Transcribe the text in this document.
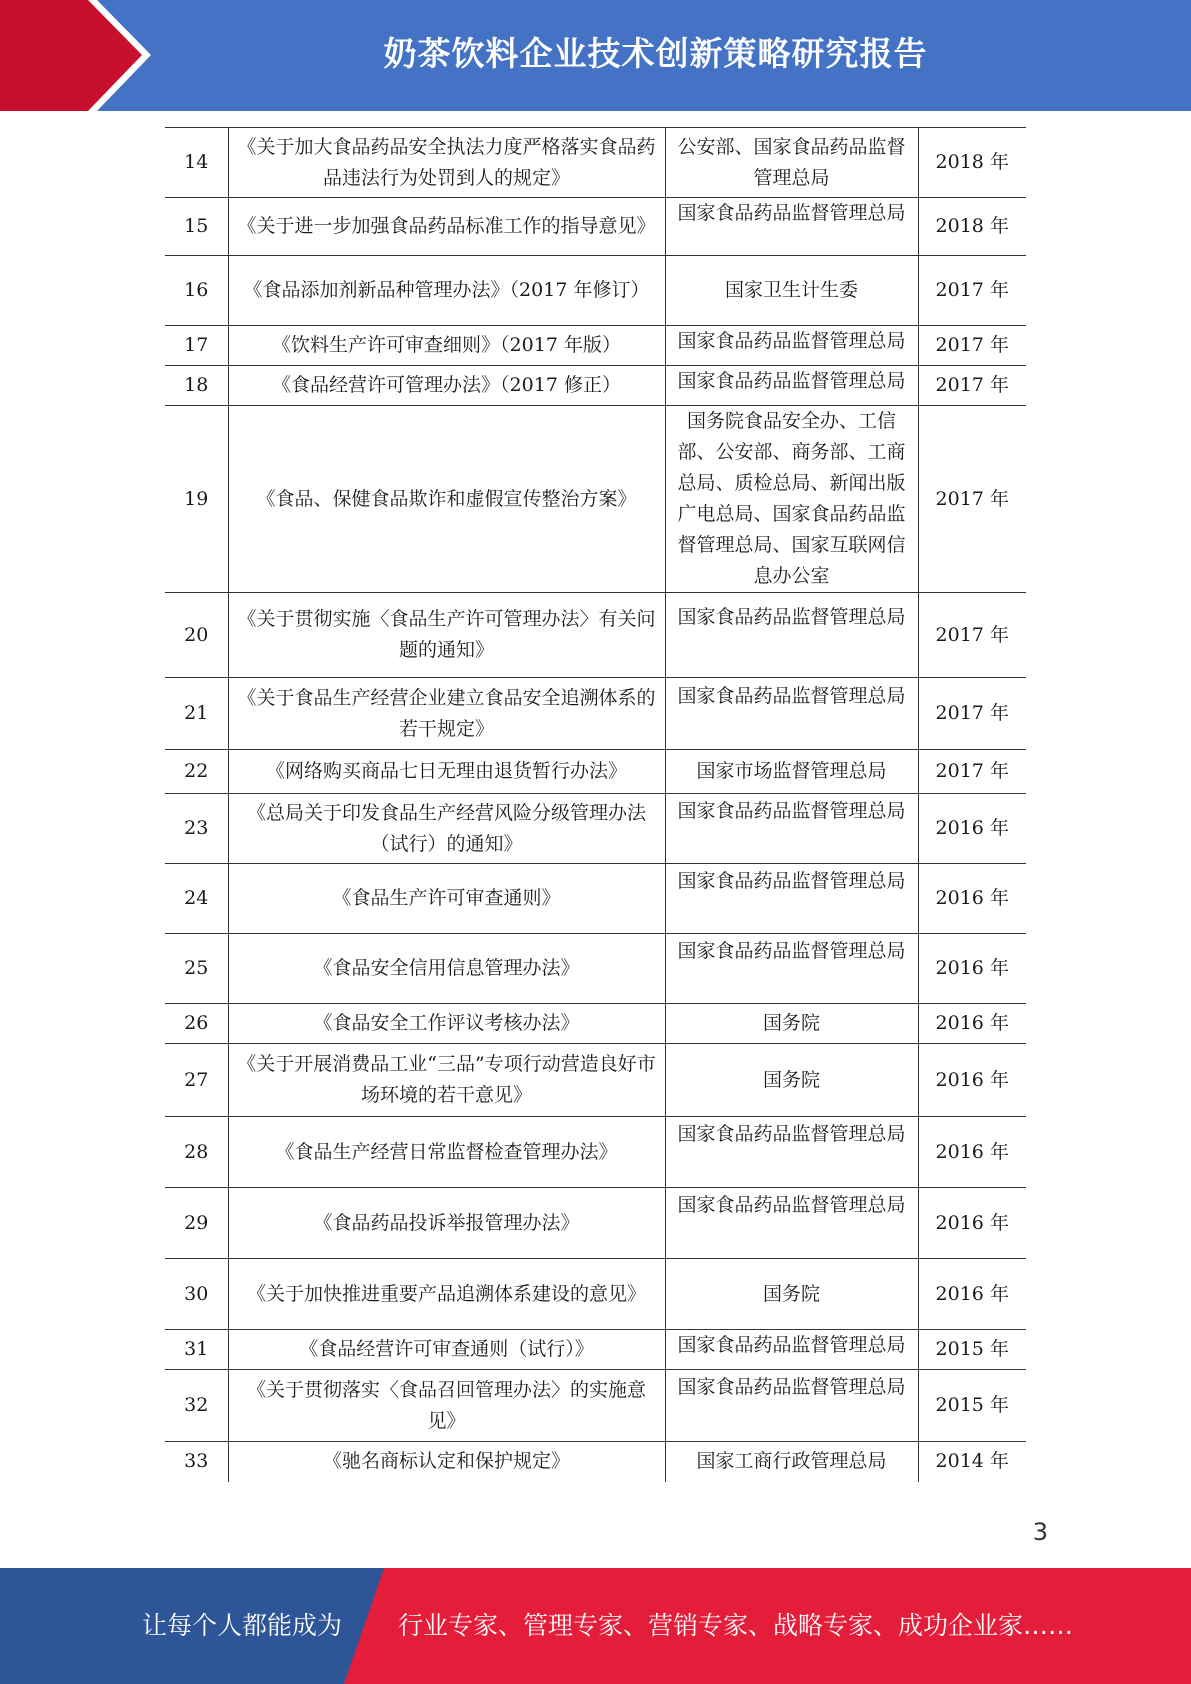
奶茶饮料企业技术创新策略研究报告
14	《关于加大食品药品安全执法力度严格落实食品药品违法行为处罚到人的规定》	公安部、国家食品药品监督管理总局	2018 年
15	《关于进一步加强食品药品标准工作的指导意见》	国家食品药品监督管理总局	2018 年
16	《食品添加剂新品种管理办法》（2017 年修订）	国家卫生计生委	2017 年
17	《饮料生产许可审查细则》（2017 年版）	国家食品药品监督管理总局	2017 年
18	《食品经营许可管理办法》（2017 修正）	国家食品药品监督管理总局	2017 年
19	《食品、保健食品欺诈和虚假宣传整治方案》	国务院食品安全办、工信部、公安部、商务部、工商总局、质检总局、新闻出版广电总局、国家食品药品监督管理总局、国家互联网信息办公室	2017 年
20	《关于贯彻实施〈食品生产许可管理办法〉有关问题的通知》	国家食品药品监督管理总局	2017 年
21	《关于食品生产经营企业建立食品安全追溯体系的若干规定》	国家食品药品监督管理总局	2017 年
22	《网络购买商品七日无理由退货暂行办法》	国家市场监督管理总局	2017 年
23	《总局关于印发食品生产经营风险分级管理办法（试行）的通知》	国家食品药品监督管理总局	2016 年
24	《食品生产许可审查通则》	国家食品药品监督管理总局	2016 年
25	《食品安全信用信息管理办法》	国家食品药品监督管理总局	2016 年
26	《食品安全工作评议考核办法》	国务院	2016 年
27	《关于开展消费品工业“三品”专项行动营造良好市场环境的若干意见》	国务院	2016 年
28	《食品生产经营日常监督检查管理办法》	国家食品药品监督管理总局	2016 年
29	《食品药品投诉举报管理办法》	国家食品药品监督管理总局	2016 年
30	《关于加快推进重要产品追溯体系建设的意见》	国务院	2016 年
31	《食品经营许可审查通则（试行）》	国家食品药品监督管理总局	2015 年
32	《关于贯彻落实〈食品召回管理办法〉的实施意见》	国家食品药品监督管理总局	2015 年
33	《驰名商标认定和保护规定》	国家工商行政管理总局	2014 年
3
让每个人都能成为 行业专家、管理专家、营销专家、战略专家、成功企业家……
